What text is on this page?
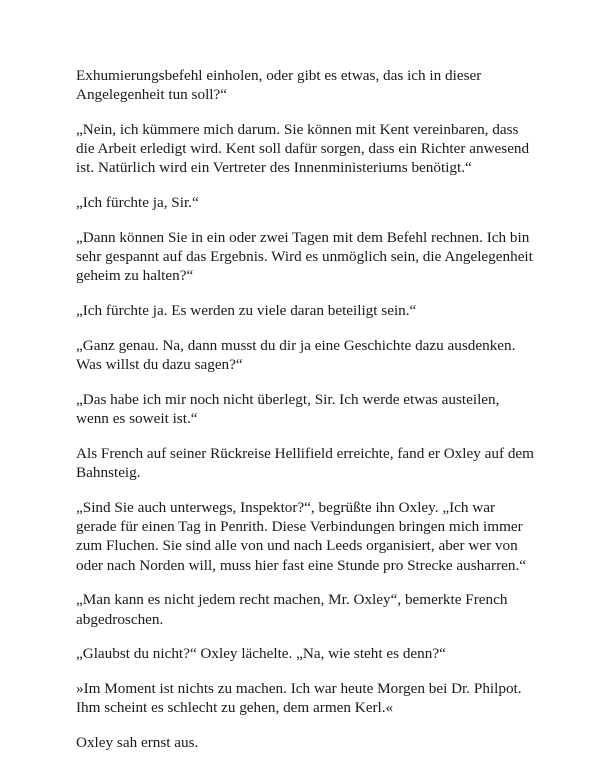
Exhumierungsbefehl einholen, oder gibt es etwas, das ich in dieser Angelegenheit tun soll?“

„Nein, ich kümmere mich darum. Sie können mit Kent vereinbaren, dass die Arbeit erledigt wird. Kent soll dafür sorgen, dass ein Richter anwesend ist. Natürlich wird ein Vertreter des Innenministeriums benötigt.“

„Ich fürchte ja, Sir.“

„Dann können Sie in ein oder zwei Tagen mit dem Befehl rechnen. Ich bin sehr gespannt auf das Ergebnis. Wird es unmöglich sein, die Angelegenheit geheim zu halten?“

„Ich fürchte ja. Es werden zu viele daran beteiligt sein.“

„Ganz genau. Na, dann musst du dir ja eine Geschichte dazu ausdenken. Was willst du dazu sagen?“

„Das habe ich mir noch nicht überlegt, Sir. Ich werde etwas austeilen, wenn es soweit ist.“

Als French auf seiner Rückreise Hellifield erreichte, fand er Oxley auf dem Bahnsteig.

„Sind Sie auch unterwegs, Inspektor?“, begrüßte ihn Oxley. „Ich war gerade für einen Tag in Penrith. Diese Verbindungen bringen mich immer zum Fluchen. Sie sind alle von und nach Leeds organisiert, aber wer von oder nach Norden will, muss hier fast eine Stunde pro Strecke ausharren.“

„Man kann es nicht jedem recht machen, Mr. Oxley“, bemerkte French abgedroschen.

„Glaubst du nicht?“ Oxley lächelte. „Na, wie steht es denn?“

»Im Moment ist nichts zu machen. Ich war heute Morgen bei Dr. Philpot. Ihm scheint es schlecht zu gehen, dem armen Kerl.«

Oxley sah ernst aus.
